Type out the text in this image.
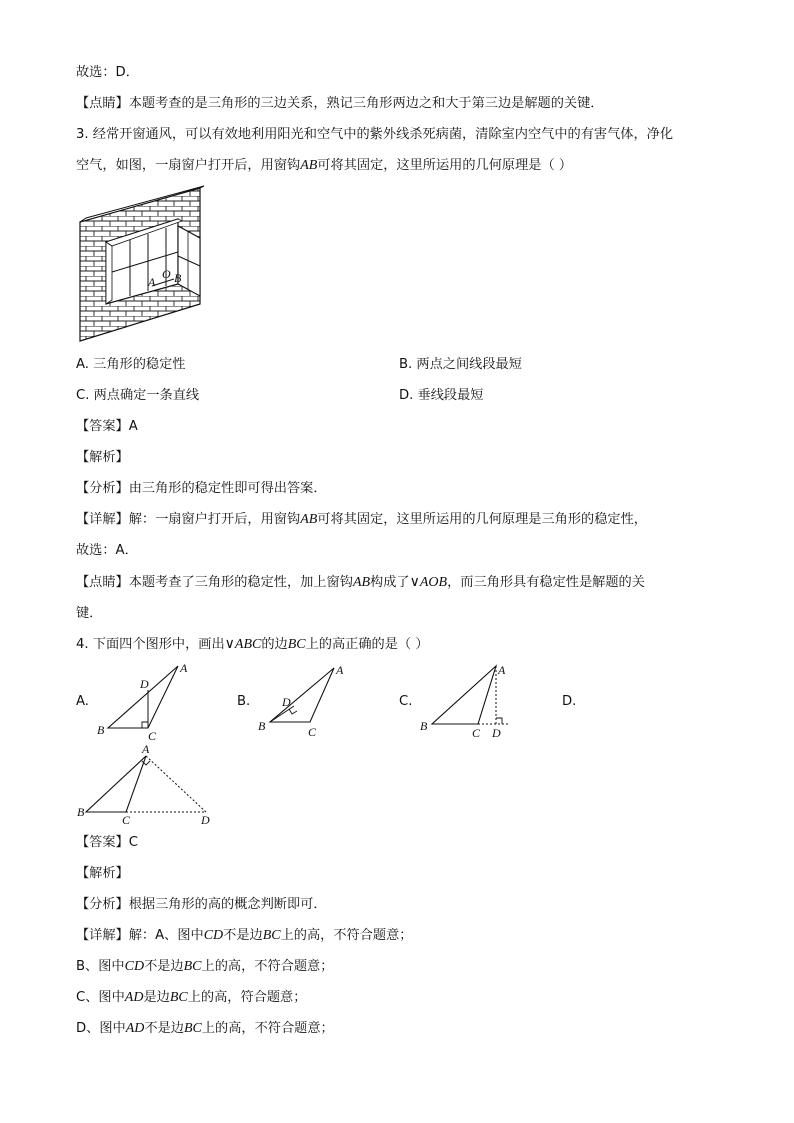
故选：D．
【点睛】本题考查的是三角形的三边关系，熟记三角形两边之和大于第三边是解题的关键．
3. 经常开窗通风，可以有效地利用阳光和空气中的紫外线杀死病菌，清除室内空气中的有害气体，净化
空气，如图，一扇窗户打开后，用窗钩AB可将其固定，这里所运用的几何原理是（ ）
A
O B
A. 三角形的稳定性	B. 两点之间线段最短
C. 两点确定一条直线	D. 垂线段最短
【答案】A
【解析】
【分析】由三角形的稳定性即可得出答案．
【详解】解：一扇窗户打开后，用窗钩AB可将其固定，这里所运用的几何原理是三角形的稳定性，
故选：A．
【点睛】本题考查了三角形的稳定性，加上窗钩AB构成了∨AOB，而三角形具有稳定性是解题的关
键．
4. 下面四个图形中，画出∨ABC的边BC上的高正确的是（ ）
A.	B.	C.	D.
A
D
B	C
A
D
B	C
A
B	C D
A
B
C	D
【答案】C
【解析】
【分析】根据三角形的高的概念判断即可．
【详解】解：A、图中CD不是边BC上的高，不符合题意；
B、图中CD不是边BC上的高，不符合题意；
C、图中AD是边BC上的高，符合题意；
D、图中AD不是边BC上的高，不符合题意；
